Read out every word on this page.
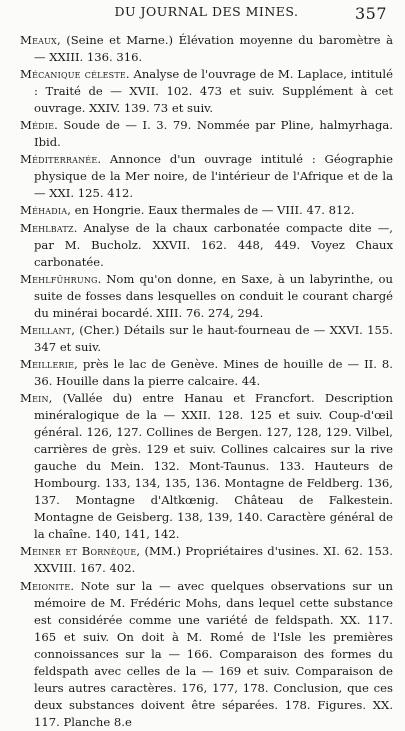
DU JOURNAL DES MINES.	357

Meaux, (Seine et Marne.) Élévation moyenne du baromètre à — XXIII. 136. 316.

Mécanique céleste. Analyse de l'ouvrage de M. Laplace, intitulé : Traité de — XVII. 102. 473 et suiv. Supplément à cet ouvrage. XXIV. 139. 73 et suiv.

Médie. Soude de — I. 3. 79. Nommée par Pline, halmyrhaga. Ibid.

Méditerranée. Annonce d'un ouvrage intitulé : Géographie physique de la Mer noire, de l'intérieur de l'Afrique et de la — XXI. 125. 412.

Méhadia, en Hongrie. Eaux thermales de — VIII. 47. 812.

Mehlbatz. Analyse de la chaux carbonatée compacte dite —, par M. Bucholz. XXVII. 162. 448, 449. Voyez Chaux carbonatée.

Mehlführung. Nom qu'on donne, en Saxe, à un labyrinthe, ou suite de fosses dans lesquelles on conduit le courant chargé du minérai bocardé. XIII. 76. 274, 294.

Meillant, (Cher.) Détails sur le haut-fourneau de — XXVI. 155. 347 et suiv.

Meillerie, près le lac de Genève. Mines de houille de — II. 8. 36. Houille dans la pierre calcaire. 44.

Mein, (Vallée du) entre Hanau et Francfort. Description minéralogique de la — XXII. 128. 125 et suiv. Coup-d'œil général. 126, 127. Collines de Bergen. 127, 128, 129. Vilbel, carrières de grès. 129 et suiv. Collines calcaires sur la rive gauche du Mein. 132. Mont-Taunus. 133. Hauteurs de Hombourg. 133, 134, 135, 136. Montagne de Feldberg. 136, 137. Montagne d'Altkœnig. Château de Falkestein. Montagne de Geisberg. 138, 139, 140. Caractère général de la chaîne. 140, 141, 142.

Meiner et Bornèque, (MM.) Propriétaires d'usines. XI. 62. 153. XXVIII. 167. 402.

Meionite. Note sur la — avec quelques observations sur un mémoire de M. Frédéric Mohs, dans lequel cette substance est considérée comme une variété de feldspath. XX. 117. 165 et suiv. On doit à M. Romé de l'Isle les premières connoissances sur la — 166. Comparaison des formes du feldspath avec celles de la — 169 et suiv. Comparaison de leurs autres caractères. 176, 177, 178. Conclusion, que ces deux substances doivent être séparées. 178. Figures. XX. 117. Planche 8.e
